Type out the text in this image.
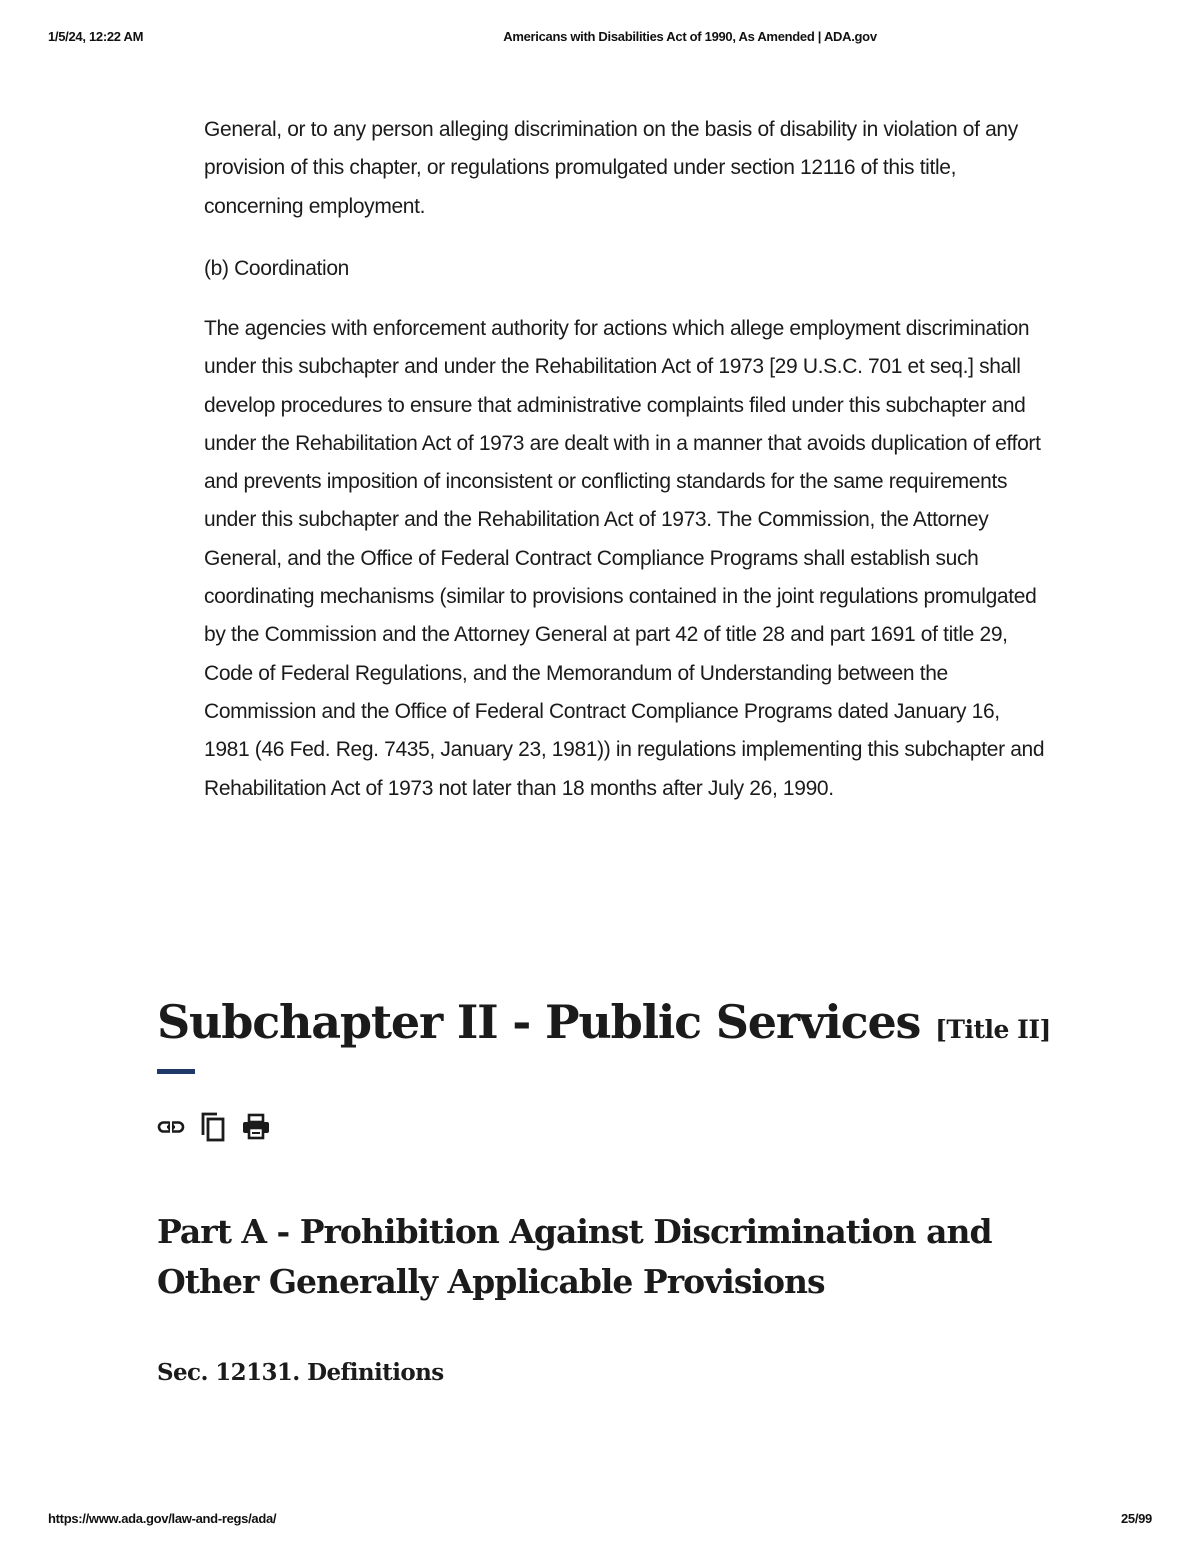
1/5/24, 12:22 AM	Americans with Disabilities Act of 1990, As Amended | ADA.gov

General, or to any person alleging discrimination on the basis of disability in violation of any provision of this chapter, or regulations promulgated under section 12116 of this title, concerning employment.

(b) Coordination

The agencies with enforcement authority for actions which allege employment discrimination under this subchapter and under the Rehabilitation Act of 1973 [29 U.S.C. 701 et seq.] shall develop procedures to ensure that administrative complaints filed under this subchapter and under the Rehabilitation Act of 1973 are dealt with in a manner that avoids duplication of effort and prevents imposition of inconsistent or conflicting standards for the same requirements under this subchapter and the Rehabilitation Act of 1973. The Commission, the Attorney General, and the Office of Federal Contract Compliance Programs shall establish such coordinating mechanisms (similar to provisions contained in the joint regulations promulgated by the Commission and the Attorney General at part 42 of title 28 and part 1691 of title 29, Code of Federal Regulations, and the Memorandum of Understanding between the Commission and the Office of Federal Contract Compliance Programs dated January 16, 1981 (46 Fed. Reg. 7435, January 23, 1981)) in regulations implementing this subchapter and Rehabilitation Act of 1973 not later than 18 months after July 26, 1990.

Subchapter II - Public Services [Title II]
Part A - Prohibition Against Discrimination and Other Generally Applicable Provisions
Sec. 12131. Definitions
https://www.ada.gov/law-and-regs/ada/	25/99
